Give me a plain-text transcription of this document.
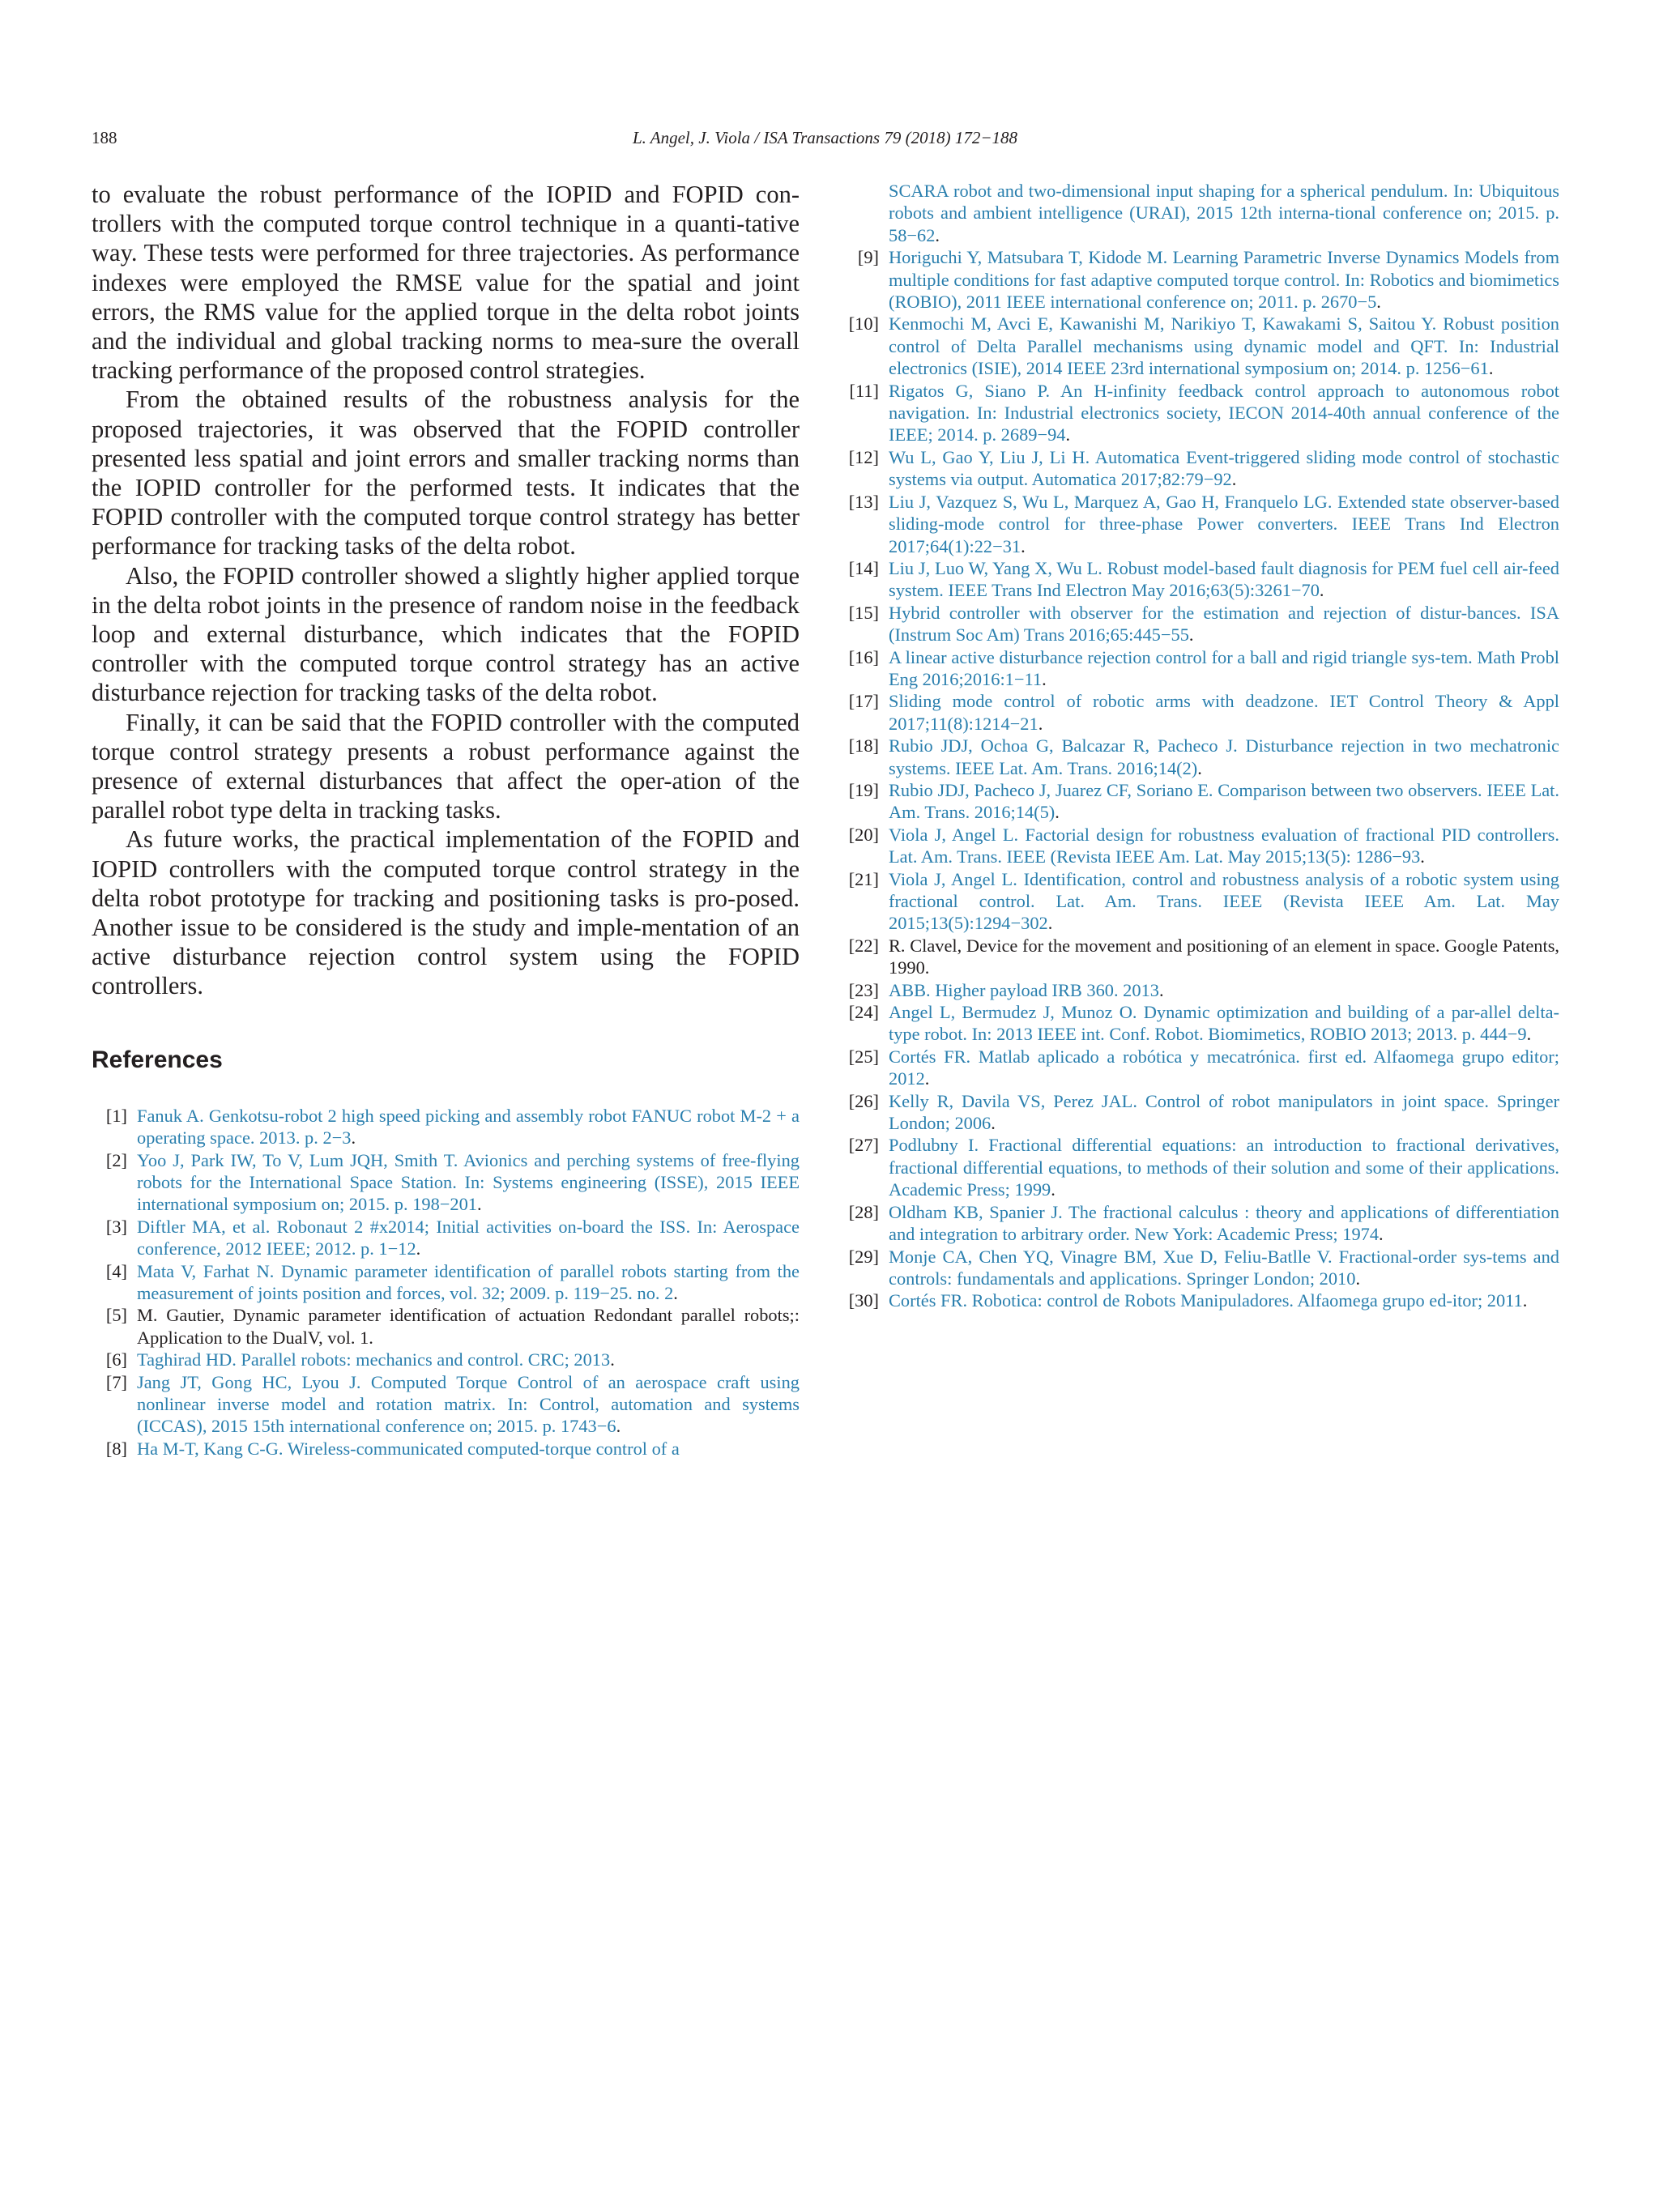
188	L. Angel, J. Viola / ISA Transactions 79 (2018) 172−188

to evaluate the robust performance of the IOPID and FOPID con-trollers with the computed torque control technique in a quanti-tative way. These tests were performed for three trajectories. As performance indexes were employed the RMSE value for the spatial and joint errors, the RMS value for the applied torque in the delta robot joints and the individual and global tracking norms to mea-sure the overall tracking performance of the proposed control strategies.

From the obtained results of the robustness analysis for the proposed trajectories, it was observed that the FOPID controller presented less spatial and joint errors and smaller tracking norms than the IOPID controller for the performed tests. It indicates that the FOPID controller with the computed torque control strategy has better performance for tracking tasks of the delta robot.

Also, the FOPID controller showed a slightly higher applied torque in the delta robot joints in the presence of random noise in the feedback loop and external disturbance, which indicates that the FOPID controller with the computed torque control strategy has an active disturbance rejection for tracking tasks of the delta robot.

Finally, it can be said that the FOPID controller with the computed torque control strategy presents a robust performance against the presence of external disturbances that affect the oper-ation of the parallel robot type delta in tracking tasks.

As future works, the practical implementation of the FOPID and IOPID controllers with the computed torque control strategy in the delta robot prototype for tracking and positioning tasks is pro-posed. Another issue to be considered is the study and imple-mentation of an active disturbance rejection control system using the FOPID controllers.

References
[1] Fanuk A. Genkotsu-robot 2 high speed picking and assembly robot FANUC robot M-2 + a operating space. 2013. p. 2−3.
[2] Yoo J, Park IW, To V, Lum JQH, Smith T. Avionics and perching systems of free-flying robots for the International Space Station. In: Systems engineering (ISSE), 2015 IEEE international symposium on; 2015. p. 198−201.
[3] Diftler MA, et al. Robonaut 2 #x2014; Initial activities on-board the ISS. In: Aerospace conference, 2012 IEEE; 2012. p. 1−12.
[4] Mata V, Farhat N. Dynamic parameter identification of parallel robots starting from the measurement of joints position and forces, vol. 32; 2009. p. 119−25. no. 2.
[5] M. Gautier, Dynamic parameter identification of actuation Redondant parallel robots;: Application to the DualV, vol. 1.
[6] Taghirad HD. Parallel robots: mechanics and control. CRC; 2013.
[7] Jang JT, Gong HC, Lyou J. Computed Torque Control of an aerospace craft using nonlinear inverse model and rotation matrix. In: Control, automation and systems (ICCAS), 2015 15th international conference on; 2015. p. 1743−6.
[8] Ha M-T, Kang C-G. Wireless-communicated computed-torque control of a
SCARA robot and two-dimensional input shaping for a spherical pendulum. In: Ubiquitous robots and ambient intelligence (URAI), 2015 12th interna-tional conference on; 2015. p. 58−62.
[9] Horiguchi Y, Matsubara T, Kidode M. Learning Parametric Inverse Dynamics Models from multiple conditions for fast adaptive computed torque control. In: Robotics and biomimetics (ROBIO), 2011 IEEE international conference on; 2011. p. 2670−5.
[10] Kenmochi M, Avci E, Kawanishi M, Narikiyo T, Kawakami S, Saitou Y. Robust position control of Delta Parallel mechanisms using dynamic model and QFT. In: Industrial electronics (ISIE), 2014 IEEE 23rd international symposium on; 2014. p. 1256−61.
[11] Rigatos G, Siano P. An H-infinity feedback control approach to autonomous robot navigation. In: Industrial electronics society, IECON 2014-40th annual conference of the IEEE; 2014. p. 2689−94.
[12] Wu L, Gao Y, Liu J, Li H. Automatica Event-triggered sliding mode control of stochastic systems via output. Automatica 2017;82:79−92.
[13] Liu J, Vazquez S, Wu L, Marquez A, Gao H, Franquelo LG. Extended state observer-based sliding-mode control for three-phase Power converters. IEEE Trans Ind Electron 2017;64(1):22−31.
[14] Liu J, Luo W, Yang X, Wu L. Robust model-based fault diagnosis for PEM fuel cell air-feed system. IEEE Trans Ind Electron May 2016;63(5):3261−70.
[15] Hybrid controller with observer for the estimation and rejection of distur-bances. ISA (Instrum Soc Am) Trans 2016;65:445−55.
[16] A linear active disturbance rejection control for a ball and rigid triangle sys-tem. Math Probl Eng 2016;2016:1−11.
[17] Sliding mode control of robotic arms with deadzone. IET Control Theory & Appl 2017;11(8):1214−21.
[18] Rubio JDJ, Ochoa G, Balcazar R, Pacheco J. Disturbance rejection in two mechatronic systems. IEEE Lat. Am. Trans. 2016;14(2).
[19] Rubio JDJ, Pacheco J, Juarez CF, Soriano E. Comparison between two observers. IEEE Lat. Am. Trans. 2016;14(5).
[20] Viola J, Angel L. Factorial design for robustness evaluation of fractional PID controllers. Lat. Am. Trans. IEEE (Revista IEEE Am. Lat. May 2015;13(5): 1286−93.
[21] Viola J, Angel L. Identification, control and robustness analysis of a robotic system using fractional control. Lat. Am. Trans. IEEE (Revista IEEE Am. Lat. May 2015;13(5):1294−302.
[22] R. Clavel, Device for the movement and positioning of an element in space. Google Patents, 1990.
[23] ABB. Higher payload IRB 360. 2013.
[24] Angel L, Bermudez J, Munoz O. Dynamic optimization and building of a par-allel delta-type robot. In: 2013 IEEE int. Conf. Robot. Biomimetics, ROBIO 2013; 2013. p. 444−9.
[25] Cortés FR. Matlab aplicado a robótica y mecatrónica. first ed. Alfaomega grupo editor; 2012.
[26] Kelly R, Davila VS, Perez JAL. Control of robot manipulators in joint space. Springer London; 2006.
[27] Podlubny I. Fractional differential equations: an introduction to fractional derivatives, fractional differential equations, to methods of their solution and some of their applications. Academic Press; 1999.
[28] Oldham KB, Spanier J. The fractional calculus : theory and applications of differentiation and integration to arbitrary order. New York: Academic Press; 1974.
[29] Monje CA, Chen YQ, Vinagre BM, Xue D, Feliu-Batlle V. Fractional-order sys-tems and controls: fundamentals and applications. Springer London; 2010.
[30] Cortés FR. Robotica: control de Robots Manipuladores. Alfaomega grupo ed-itor; 2011.
